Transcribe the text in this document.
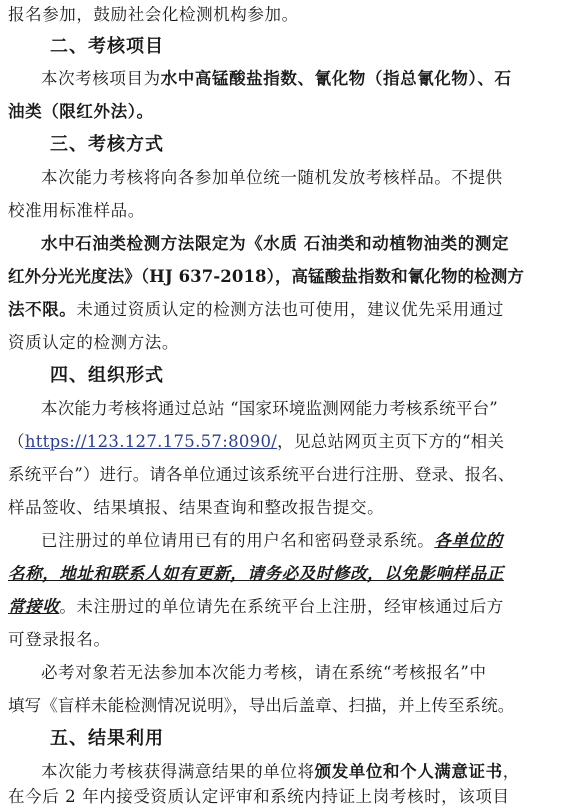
报名参加，鼓励社会化检测机构参加。
二、考核项目
本次考核项目为水中高锰酸盐指数、氰化物（指总氰化物）、石
油类（限红外法）。
三、考核方式
本次能力考核将向各参加单位统一随机发放考核样品。不提供
校准用标准样品。
水中石油类检测方法限定为《水质 石油类和动植物油类的测定
红外分光光度法》（HJ 637-2018），高锰酸盐指数和氰化物的检测方
法不限。未通过资质认定的检测方法也可使用，建议优先采用通过
资质认定的检测方法。
四、组织形式
本次能力考核将通过总站 “国家环境监测网能力考核系统平台”
（https://123.127.175.57:8090/，见总站网页主页下方的“相关
系统平台”）进行。请各单位通过该系统平台进行注册、登录、报名、
样品签收、结果填报、结果查询和整改报告提交。
已注册过的单位请用已有的用户名和密码登录系统。各单位的
名称，地址和联系人如有更新，请务必及时修改，以免影响样品正
常接收。未注册过的单位请先在系统平台上注册，经审核通过后方
可登录报名。
必考对象若无法参加本次能力考核，请在系统“考核报名”中
填写《盲样未能检测情况说明》，导出后盖章、扫描，并上传至系统。
五、结果利用
本次能力考核获得满意结果的单位将颁发单位和个人满意证书，
在今后 2 年内接受资质认定评审和系统内持证上岗考核时，该项目
